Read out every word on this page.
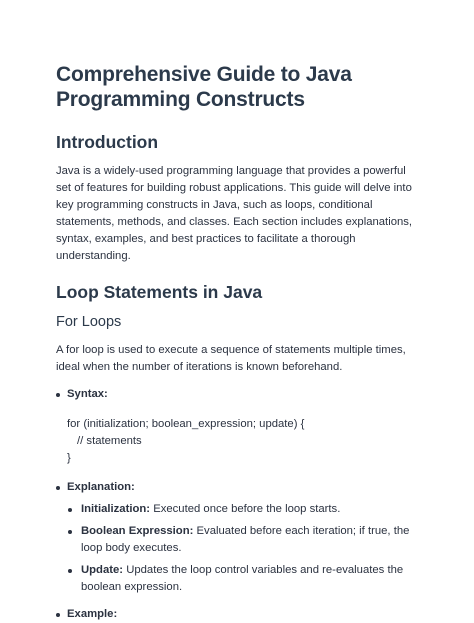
Comprehensive Guide to Java Programming Constructs
Introduction

Java is a widely-used programming language that provides a powerful set of features for building robust applications. This guide will delve into key programming constructs in Java, such as loops, conditional statements, methods, and classes. Each section includes explanations, syntax, examples, and best practices to facilitate a thorough understanding.

Loop Statements in Java
For Loops

A for loop is used to execute a sequence of statements multiple times, ideal when the number of iterations is known beforehand.

Syntax:
for (initialization; boolean_expression; update) {
// statements
}
Explanation:
Initialization: Executed once before the loop starts.
Boolean Expression: Evaluated before each iteration; if true, the loop body executes.
Update: Updates the loop control variables and re-evaluates the boolean expression.
Example:
